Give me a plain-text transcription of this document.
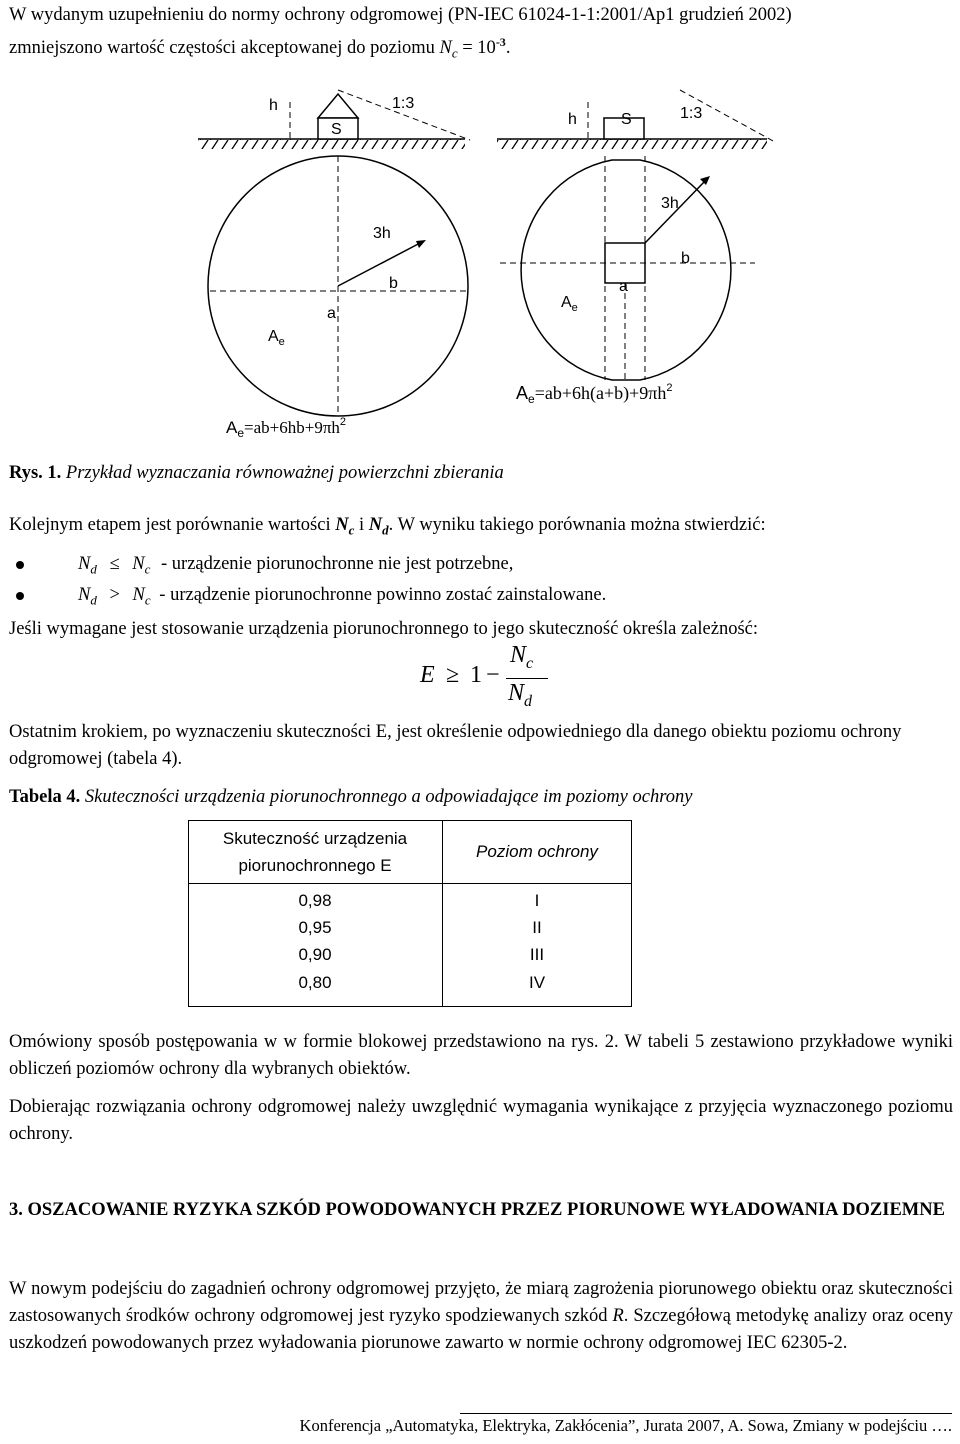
W wydanym uzupełnieniu do normy ochrony odgromowej (PN-IEC 61024-1-1:2001/Ap1 grudzień 2002)
zmniejszono wartość częstości akceptowanej do poziomu $N_c = 10^{-3}$.
h
S
1:3
3h
b
a
$A_e$
$A_e=ab+6hb+9\pi h^2$
h	S	1:3
3h
b
a
$A_e$
$A_e=ab+6h(a+b)+9\pi h^2$
Rys. 1. Przykład wyznaczania równoważnej powierzchni zbierania
Kolejnym etapem jest porównanie wartości $N_c$ i $N_d$. W wyniku takiego porównania można stwierdzić:
$N_d \le N_c$ - urządzenie piorunochronne nie jest potrzebne,
$N_d > N_c$ - urządzenie piorunochronne powinno zostać zainstalowane.
Jeśli wymagane jest stosowanie urządzenia piorunochronnego to jego skuteczność określa zależność:
E ≥ 1 −
$N_c$
$N_d$
Ostatnim krokiem, po wyznaczeniu skuteczności E, jest określenie odpowiedniego dla danego obiektu poziomu ochrony odgromowej (tabela 4).
Tabela 4. Skuteczności urządzenia piorunochronnego a odpowiadające im poziomy ochrony
Skuteczność urządzenia
piorunochronnego E
Poziom ochrony
0,98	I
0,95	II
0,90	III
0,80	IV
Omówiony sposób postępowania w w formie blokowej przedstawiono na rys. 2. W tabeli 5 zestawiono przykładowe wyniki obliczeń poziomów ochrony dla wybranych obiektów.
Dobierając rozwiązania ochrony odgromowej należy uwzględnić wymagania wynikające z przyjęcia wyznaczonego poziomu ochrony.
3. OSZACOWANIE RYZYKA SZKÓD POWODOWANYCH PRZEZ PIORUNOWE WYŁADOWANIA DOZIEMNE
W nowym podejściu do zagadnień ochrony odgromowej przyjęto, że miarą zagrożenia piorunowego obiektu oraz skuteczności zastosowanych środków ochrony odgromowej jest ryzyko spodziewanych szkód R. Szczegółową metodykę analizy oraz oceny uszkodzeń powodowanych przez wyładowania piorunowe zawarto w normie ochrony odgromowej IEC 62305-2.
Konferencja „Automatyka, Elektryka, Zakłócenia”, Jurata 2007, A. Sowa, Zmiany w podejściu ….
